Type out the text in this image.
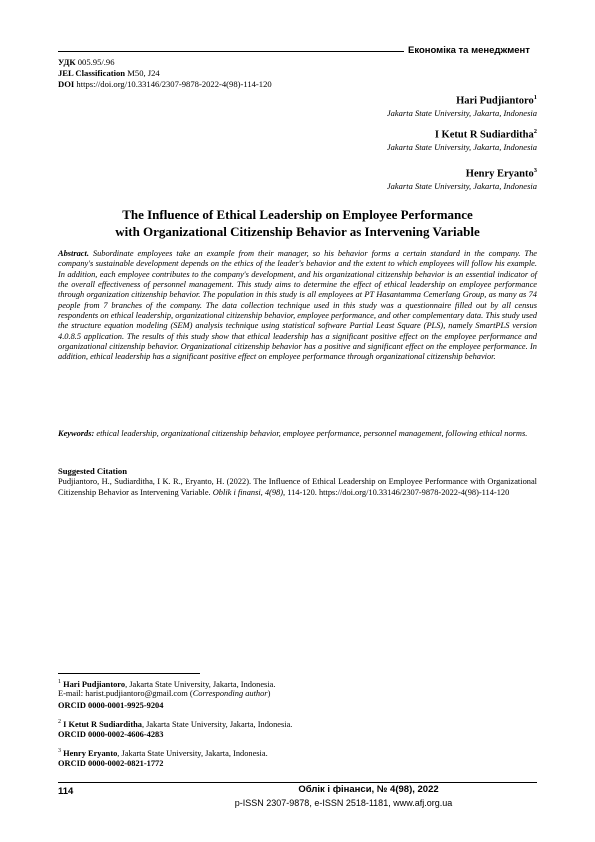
Економіка та менеджмент
УДК 005.95/.96
JEL Classification M50, J24
DOI https://doi.org/10.33146/2307-9878-2022-4(98)-114-120
Hari Pudjiantoro$^1$
Jakarta State University, Jakarta, Indonesia
I Ketut R Sudiarditha$^2$
Jakarta State University, Jakarta, Indonesia
Henry Eryanto$^3$
Jakarta State University, Jakarta, Indonesia
The Influence of Ethical Leadership on Employee Performance
with Organizational Citizenship Behavior as Intervening Variable
Abstract. Subordinate employees take an example from their manager, so his behavior forms a certain standard in the company. The company's sustainable development depends on the ethics of the leader's behavior and the extent to which employees will follow his example. In addition, each employee contributes to the company's development, and his organizational citizenship behavior is an essential indicator of the overall effectiveness of personnel management. This study aims to determine the effect of ethical leadership on employee performance through organization citizenship behavior. The population in this study is all employees at PT Hasantamma Cemerlang Group, as many as 74 people from 7 branches of the company. The data collection technique used in this study was a questionnaire filled out by all census respondents on ethical leadership, organizational citizenship behavior, employee performance, and other complementary data. This study used the structure equation modeling (SEM) analysis technique using statistical software Partial Least Square (PLS), namely SmartPLS version 4.0.8.5 application. The results of this study show that ethical leadership has a significant positive effect on the employee performance and organizational citizenship behavior. Organizational citizenship behavior has a positive and significant effect on the employee performance. In addition, ethical leadership has a significant positive effect on employee performance through organizational citizenship behavior.
Keywords: ethical leadership, organizational citizenship behavior, employee performance, personnel management, following ethical norms.
Suggested Citation
Pudjiantoro, H., Sudiarditha, I K. R., Eryanto, H. (2022). The Influence of Ethical Leadership on Employee Performance with Organizational Citizenship Behavior as Intervening Variable. Oblik i finansi, 4(98), 114-120. https://doi.org/10.33146/2307-9878-2022-4(98)-114-120
$^1$ Hari Pudjiantoro, Jakarta State University, Jakarta, Indonesia.
E-mail: harist.pudjiantoro@gmail.com (Corresponding author)
ORCID 0000-0001-9925-9204
$^2$ I Ketut R Sudiarditha, Jakarta State University, Jakarta, Indonesia.
ORCID 0000-0002-4606-4283
$^3$ Henry Eryanto, Jakarta State University, Jakarta, Indonesia.
ORCID 0000-0002-0821-1772
114	Облік і фінанси, № 4(98), 2022
p-ISSN 2307-9878, e-ISSN 2518-1181, www.afj.org.ua
